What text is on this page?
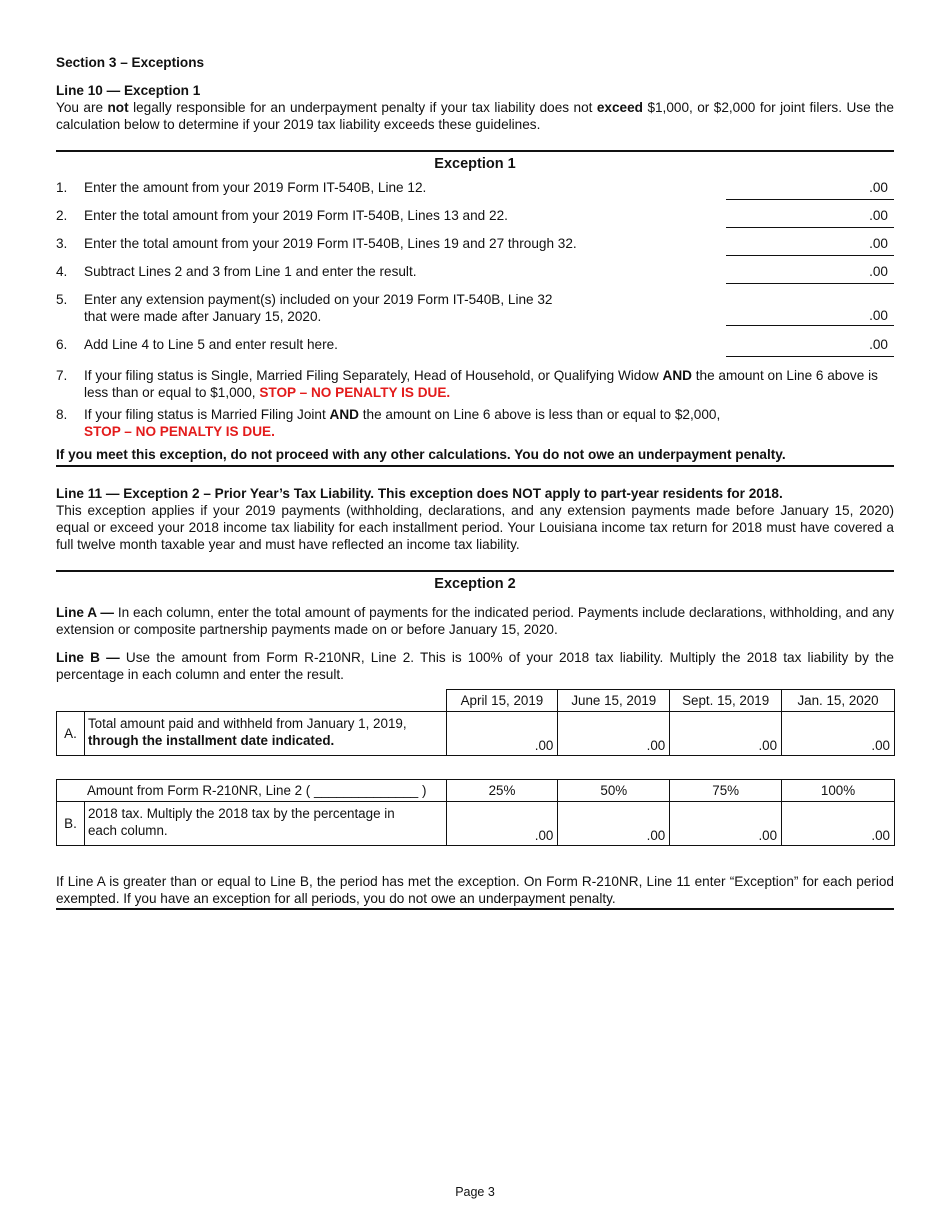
Section 3 – Exceptions
Line 10 — Exception 1
You are not legally responsible for an underpayment penalty if your tax liability does not exceed $1,000, or $2,000 for joint filers. Use the calculation below to determine if your 2019 tax liability exceeds these guidelines.
Exception 1
1.	Enter the amount from your 2019 Form IT-540B, Line 12.	.00
2.	Enter the total amount from your 2019 Form IT-540B, Lines 13 and 22.	.00
3.	Enter the total amount from your 2019 Form IT-540B, Lines 19 and 27 through 32.	.00
4.	Subtract Lines 2 and 3 from Line 1 and enter the result.	.00
5.	Enter any extension payment(s) included on your 2019 Form IT-540B, Line 32
that were made after January 15, 2020.	.00
6.	Add Line 4 to Line 5 and enter result here.	.00
7.	If your filing status is Single, Married Filing Separately, Head of Household, or Qualifying Widow AND the amount on Line 6 above is less than or equal to $1,000, STOP – NO PENALTY IS DUE.
8.	If your filing status is Married Filing Joint AND the amount on Line 6 above is less than or equal to $2,000,
STOP – NO PENALTY IS DUE.
If you meet this exception, do not proceed with any other calculations. You do not owe an underpayment penalty.
Line 11 — Exception 2 – Prior Year’s Tax Liability. This exception does NOT apply to part-year residents for 2018.
This exception applies if your 2019 payments (withholding, declarations, and any extension payments made before January 15, 2020) equal or exceed your 2018 income tax liability for each installment period. Your Louisiana income tax return for 2018 must have covered a full twelve month taxable year and must have reflected an income tax liability.
Exception 2
Line A — In each column, enter the total amount of payments for the indicated period. Payments include declarations, withholding, and any extension or composite partnership payments made on or before January 15, 2020.
Line B — Use the amount from Form R-210NR, Line 2. This is 100% of your 2018 tax liability. Multiply the 2018 tax liability by the percentage in each column and enter the result.
		April 15, 2019	June 15, 2019	Sept. 15, 2019	Jan. 15, 2020
A.	Total amount paid and withheld from January 1, 2019,
through the installment date indicated.	.00	.00	.00	.00
Amount from Form R-210NR, Line 2 ( ______________ )		25%	50%	75%	100%
B.	2018 tax. Multiply the 2018 tax by the percentage in
each column.	.00	.00	.00	.00
If Line A is greater than or equal to Line B, the period has met the exception. On Form R-210NR, Line 11 enter “Exception” for each period exempted. If you have an exception for all periods, you do not owe an underpayment penalty.
Page 3
